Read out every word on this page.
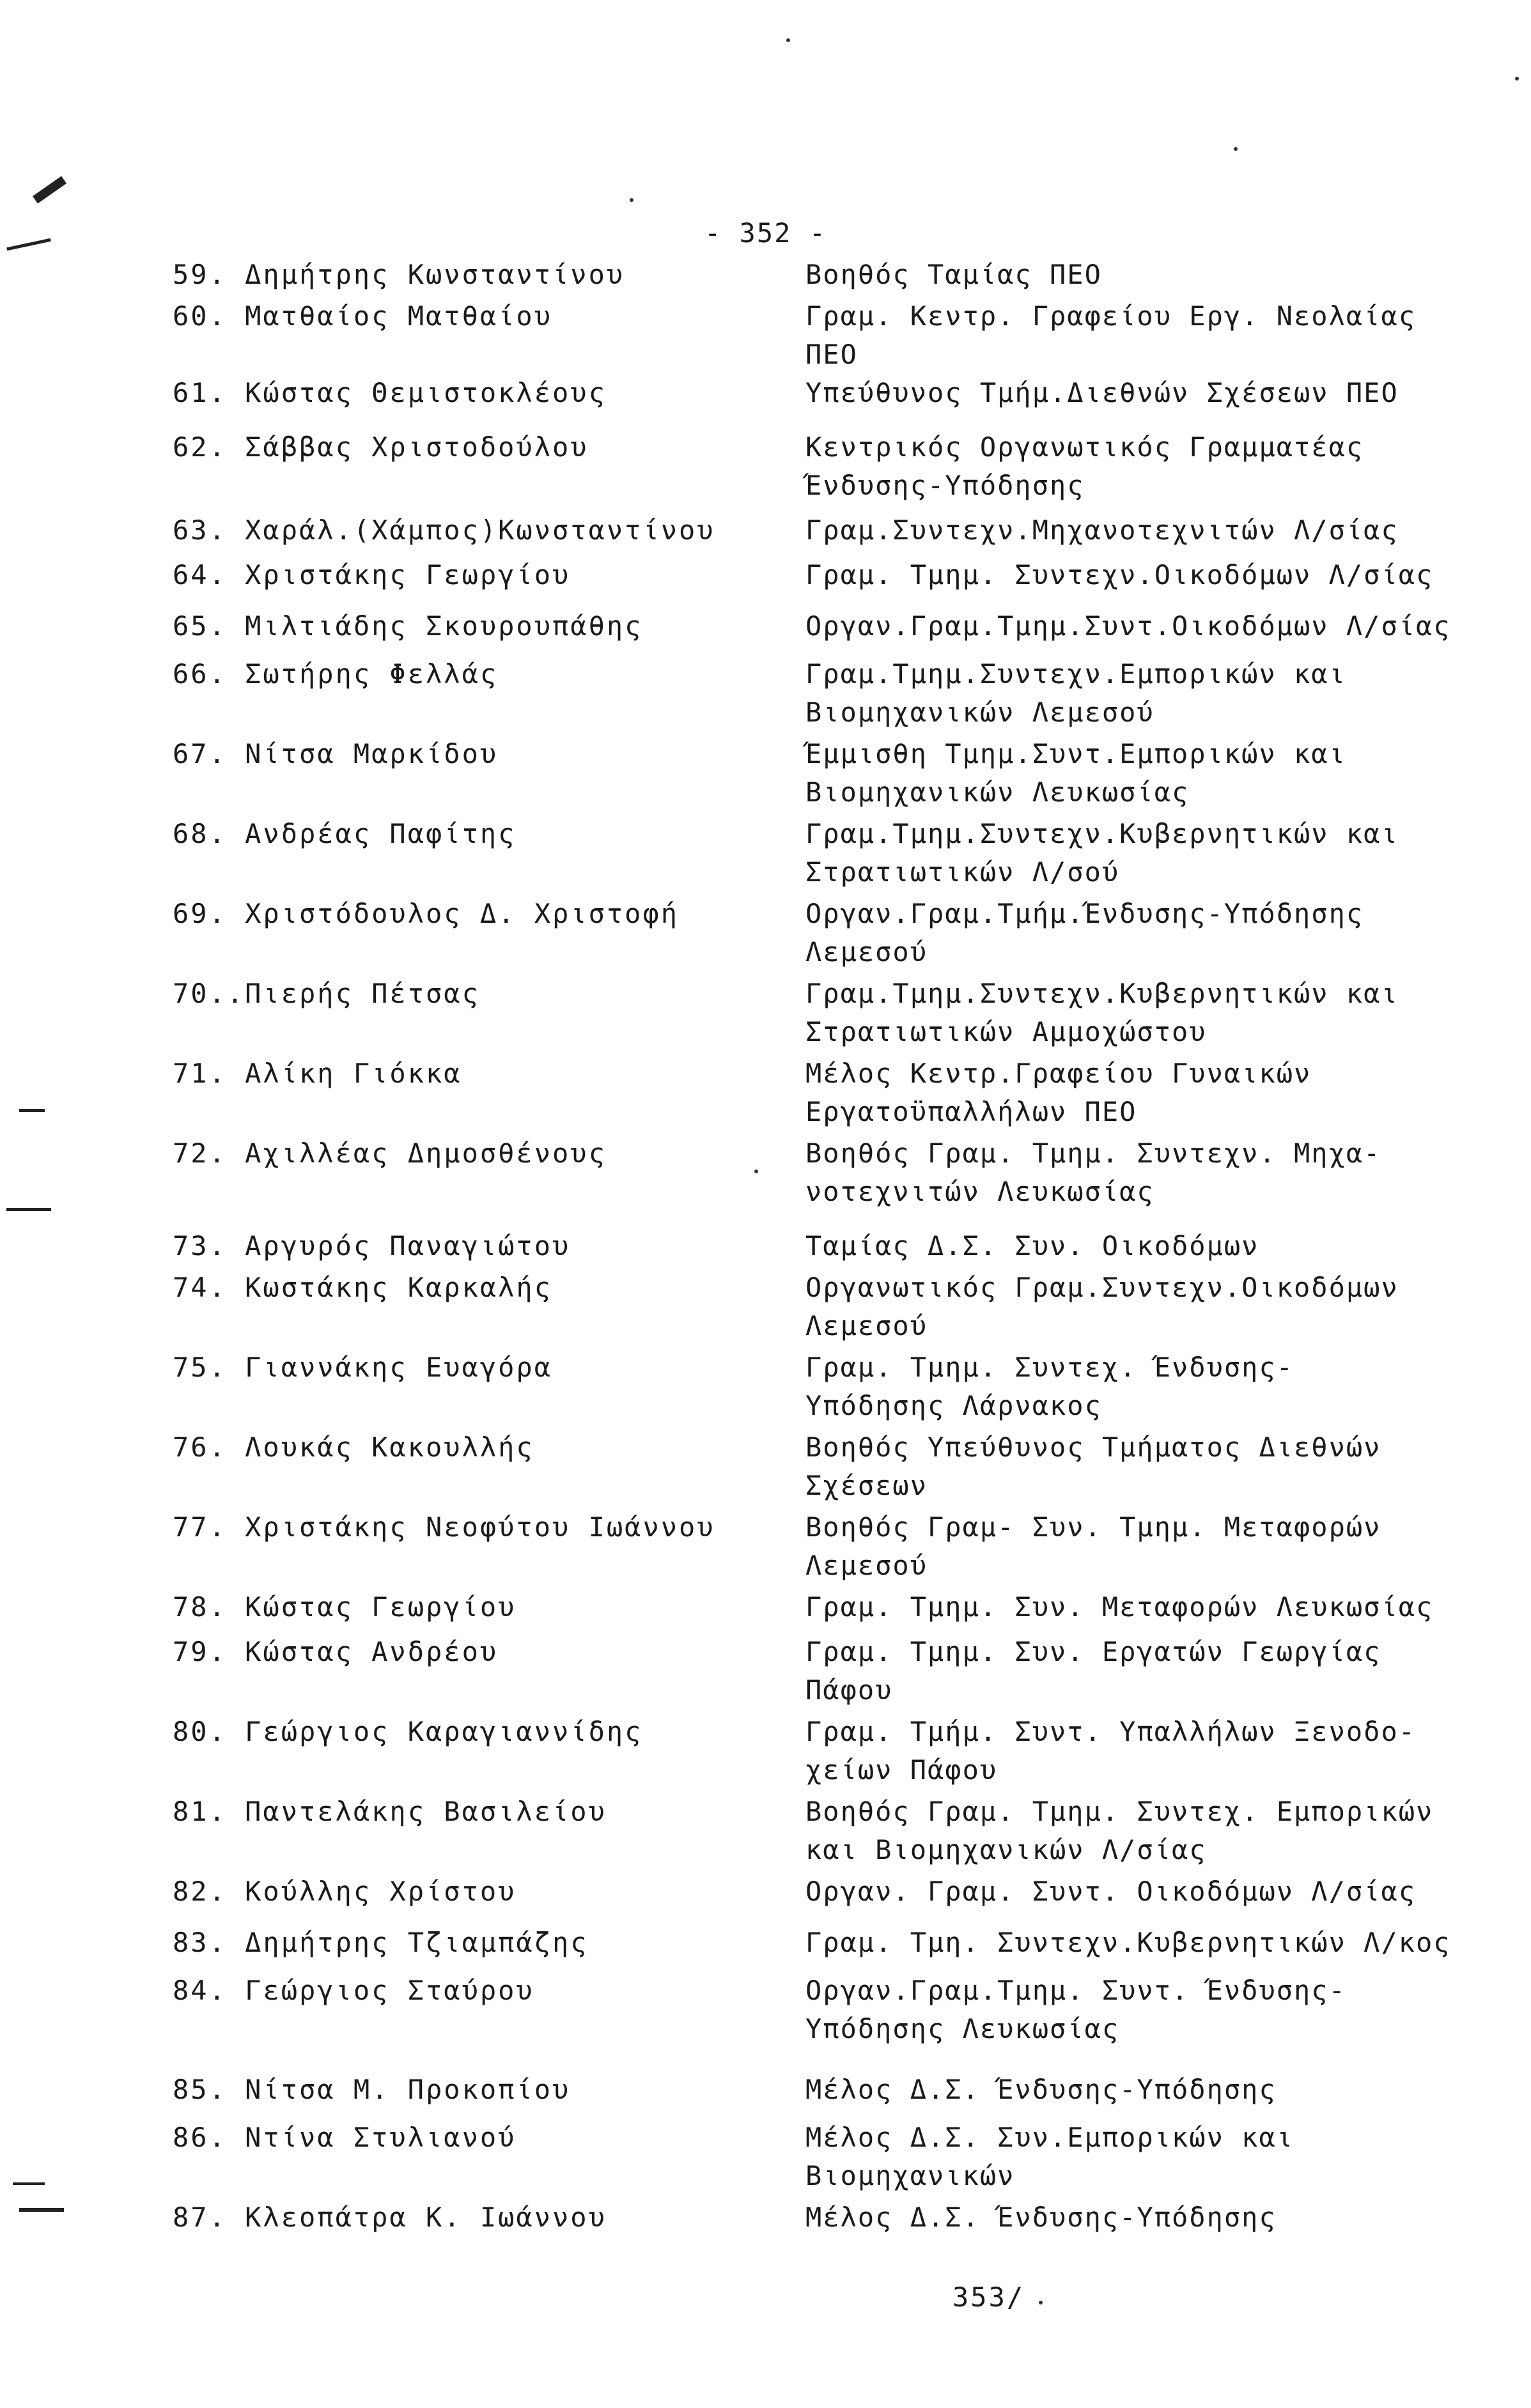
- 352 -
59. Δημήτρης Κωνσταντίνου	Βοηθός Ταμίας ΠΕΟ
60. Ματθαίος Ματθαίου	Γραμ. Κεντρ. Γραφείου Εργ. Νεολαίας
ΠΕΟ
61. Κώστας Θεμιστοκλέους	Υπεύθυνος Τμήμ.Διεθνών Σχέσεων ΠΕΟ
62. Σάββας Χριστοδούλου	Κεντρικός Οργανωτικός Γραμματέας
Ένδυσης-Υπόδησης
63. Χαράλ.(Χάμπος)Κωνσταντίνου	Γραμ.Συντεχν.Μηχανοτεχνιτών Λ/σίας
64. Χριστάκης Γεωργίου	Γραμ. Τμημ. Συντεχν.Οικοδόμων Λ/σίας
65. Μιλτιάδης Σκουρουπάθης	Οργαν.Γραμ.Τμημ.Συντ.Οικοδόμων Λ/σίας
66. Σωτήρης Φελλάς	Γραμ.Τμημ.Συντεχν.Εμπορικών και
Βιομηχανικών Λεμεσού
67. Νίτσα Μαρκίδου	Έμμισθη Τμημ.Συντ.Εμπορικών και
Βιομηχανικών Λευκωσίας
68. Ανδρέας Παφίτης	Γραμ.Τμημ.Συντεχν.Κυβερνητικών και
Στρατιωτικών Λ/σού
69. Χριστόδουλος Δ. Χριστοφή	Οργαν.Γραμ.Τμήμ.Ένδυσης-Υπόδησης
Λεμεσού
70..Πιερής Πέτσας	Γραμ.Τμημ.Συντεχν.Κυβερνητικών και
Στρατιωτικών Αμμοχώστου
71. Αλίκη Γιόκκα	Μέλος Κεντρ.Γραφείου Γυναικών
Εργατοϋπαλλήλων ΠΕΟ
72. Αχιλλέας Δημοσθένους	Βοηθός Γραμ. Τμημ. Συντεχν. Μηχα-
νοτεχνιτών Λευκωσίας
73. Αργυρός Παναγιώτου	Ταμίας Δ.Σ. Συν. Οικοδόμων
74. Κωστάκης Καρκαλής	Οργανωτικός Γραμ.Συντεχν.Οικοδόμων
Λεμεσού
75. Γιαννάκης Ευαγόρα	Γραμ. Τμημ. Συντεχ. Ένδυσης-
Υπόδησης Λάρνακος
76. Λουκάς Κακουλλής	Βοηθός Υπεύθυνος Τμήματος Διεθνών
Σχέσεων
77. Χριστάκης Νεοφύτου Ιωάννου	Βοηθός Γραμ- Συν. Τμημ. Μεταφορών
Λεμεσού
78. Κώστας Γεωργίου	Γραμ. Τμημ. Συν. Μεταφορών Λευκωσίας
79. Κώστας Ανδρέου	Γραμ. Τμημ. Συν. Εργατών Γεωργίας
Πάφου
80. Γεώργιος Καραγιαννίδης	Γραμ. Τμήμ. Συντ. Υπαλλήλων Ξενοδο-
χείων Πάφου
81. Παντελάκης Βασιλείου	Βοηθός Γραμ. Τμημ. Συντεχ. Εμπορικών
και Βιομηχανικών Λ/σίας
82. Κούλλης Χρίστου	Οργαν. Γραμ. Συντ. Οικοδόμων Λ/σίας
83. Δημήτρης Τζιαμπάζης	Γραμ. Τμη. Συντεχν.Κυβερνητικών Λ/κος
84. Γεώργιος Σταύρου	Οργαν.Γραμ.Τμημ. Συντ. Ένδυσης-
Υπόδησης Λευκωσίας
85. Νίτσα Μ. Προκοπίου	Μέλος Δ.Σ. Ένδυσης-Υπόδησης
86. Ντίνα Στυλιανού	Μέλος Δ.Σ. Συν.Εμπορικών και
Βιομηχανικών
87. Κλεοπάτρα Κ. Ιωάννου	Μέλος Δ.Σ. Ένδυσης-Υπόδησης
353/
